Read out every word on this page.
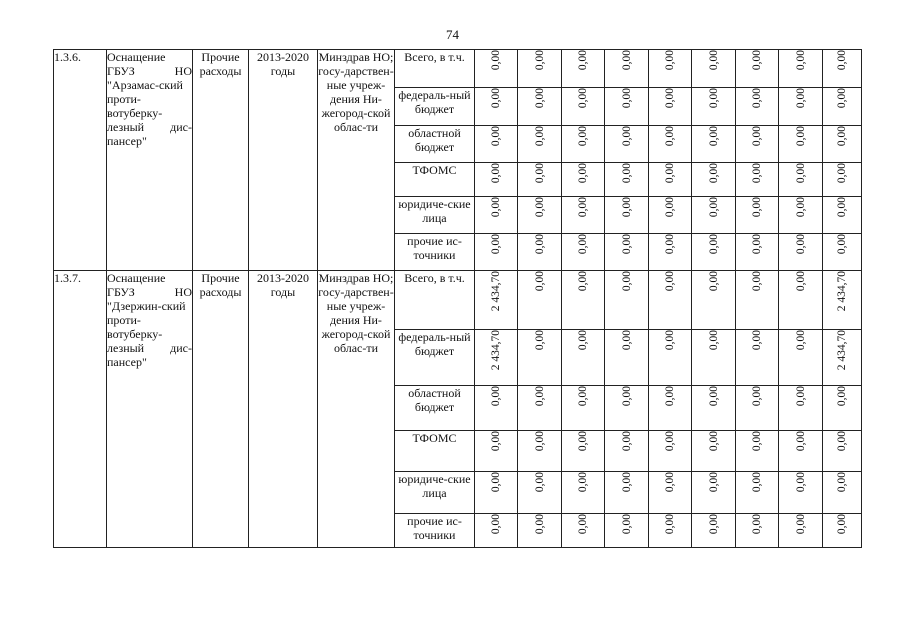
74
1.3.6.	Оснащение ГБУЗ НО "Арзамас-ский проти-вотуберку-лезный дис-пансер"	Прочие расходы	2013-2020 годы	Минздрав НО; госу-дарствен-ные учреж-дения Ни-жегород-ской облас-ти	Всего, в т.ч.	0,00	0,00	0,00	0,00	0,00	0,00	0,00	0,00	0,00
					федераль-ный бюджет	0,00	0,00	0,00	0,00	0,00	0,00	0,00	0,00	0,00
					областной бюджет	0,00	0,00	0,00	0,00	0,00	0,00	0,00	0,00	0,00
					ТФОМС	0,00	0,00	0,00	0,00	0,00	0,00	0,00	0,00	0,00
					юридиче-ские лица	0,00	0,00	0,00	0,00	0,00	0,00	0,00	0,00	0,00
					прочие ис-точники	0,00	0,00	0,00	0,00	0,00	0,00	0,00	0,00	0,00
1.3.7.	Оснащение ГБУЗ НО "Дзержин-ский проти-вотуберку-лезный дис-пансер"	Прочие расходы	2013-2020 годы	Минздрав НО; госу-дарствен-ные учреж-дения Ни-жегород-ской облас-ти	Всего, в т.ч.	2 434,70	0,00	0,00	0,00	0,00	0,00	0,00	0,00	2 434,70
					федераль-ный бюджет	2 434,70	0,00	0,00	0,00	0,00	0,00	0,00	0,00	2 434,70
					областной бюджет	0,00	0,00	0,00	0,00	0,00	0,00	0,00	0,00	0,00
					ТФОМС	0,00	0,00	0,00	0,00	0,00	0,00	0,00	0,00	0,00
					юридиче-ские лица	0,00	0,00	0,00	0,00	0,00	0,00	0,00	0,00	0,00
					прочие ис-точники	0,00	0,00	0,00	0,00	0,00	0,00	0,00	0,00	0,00
